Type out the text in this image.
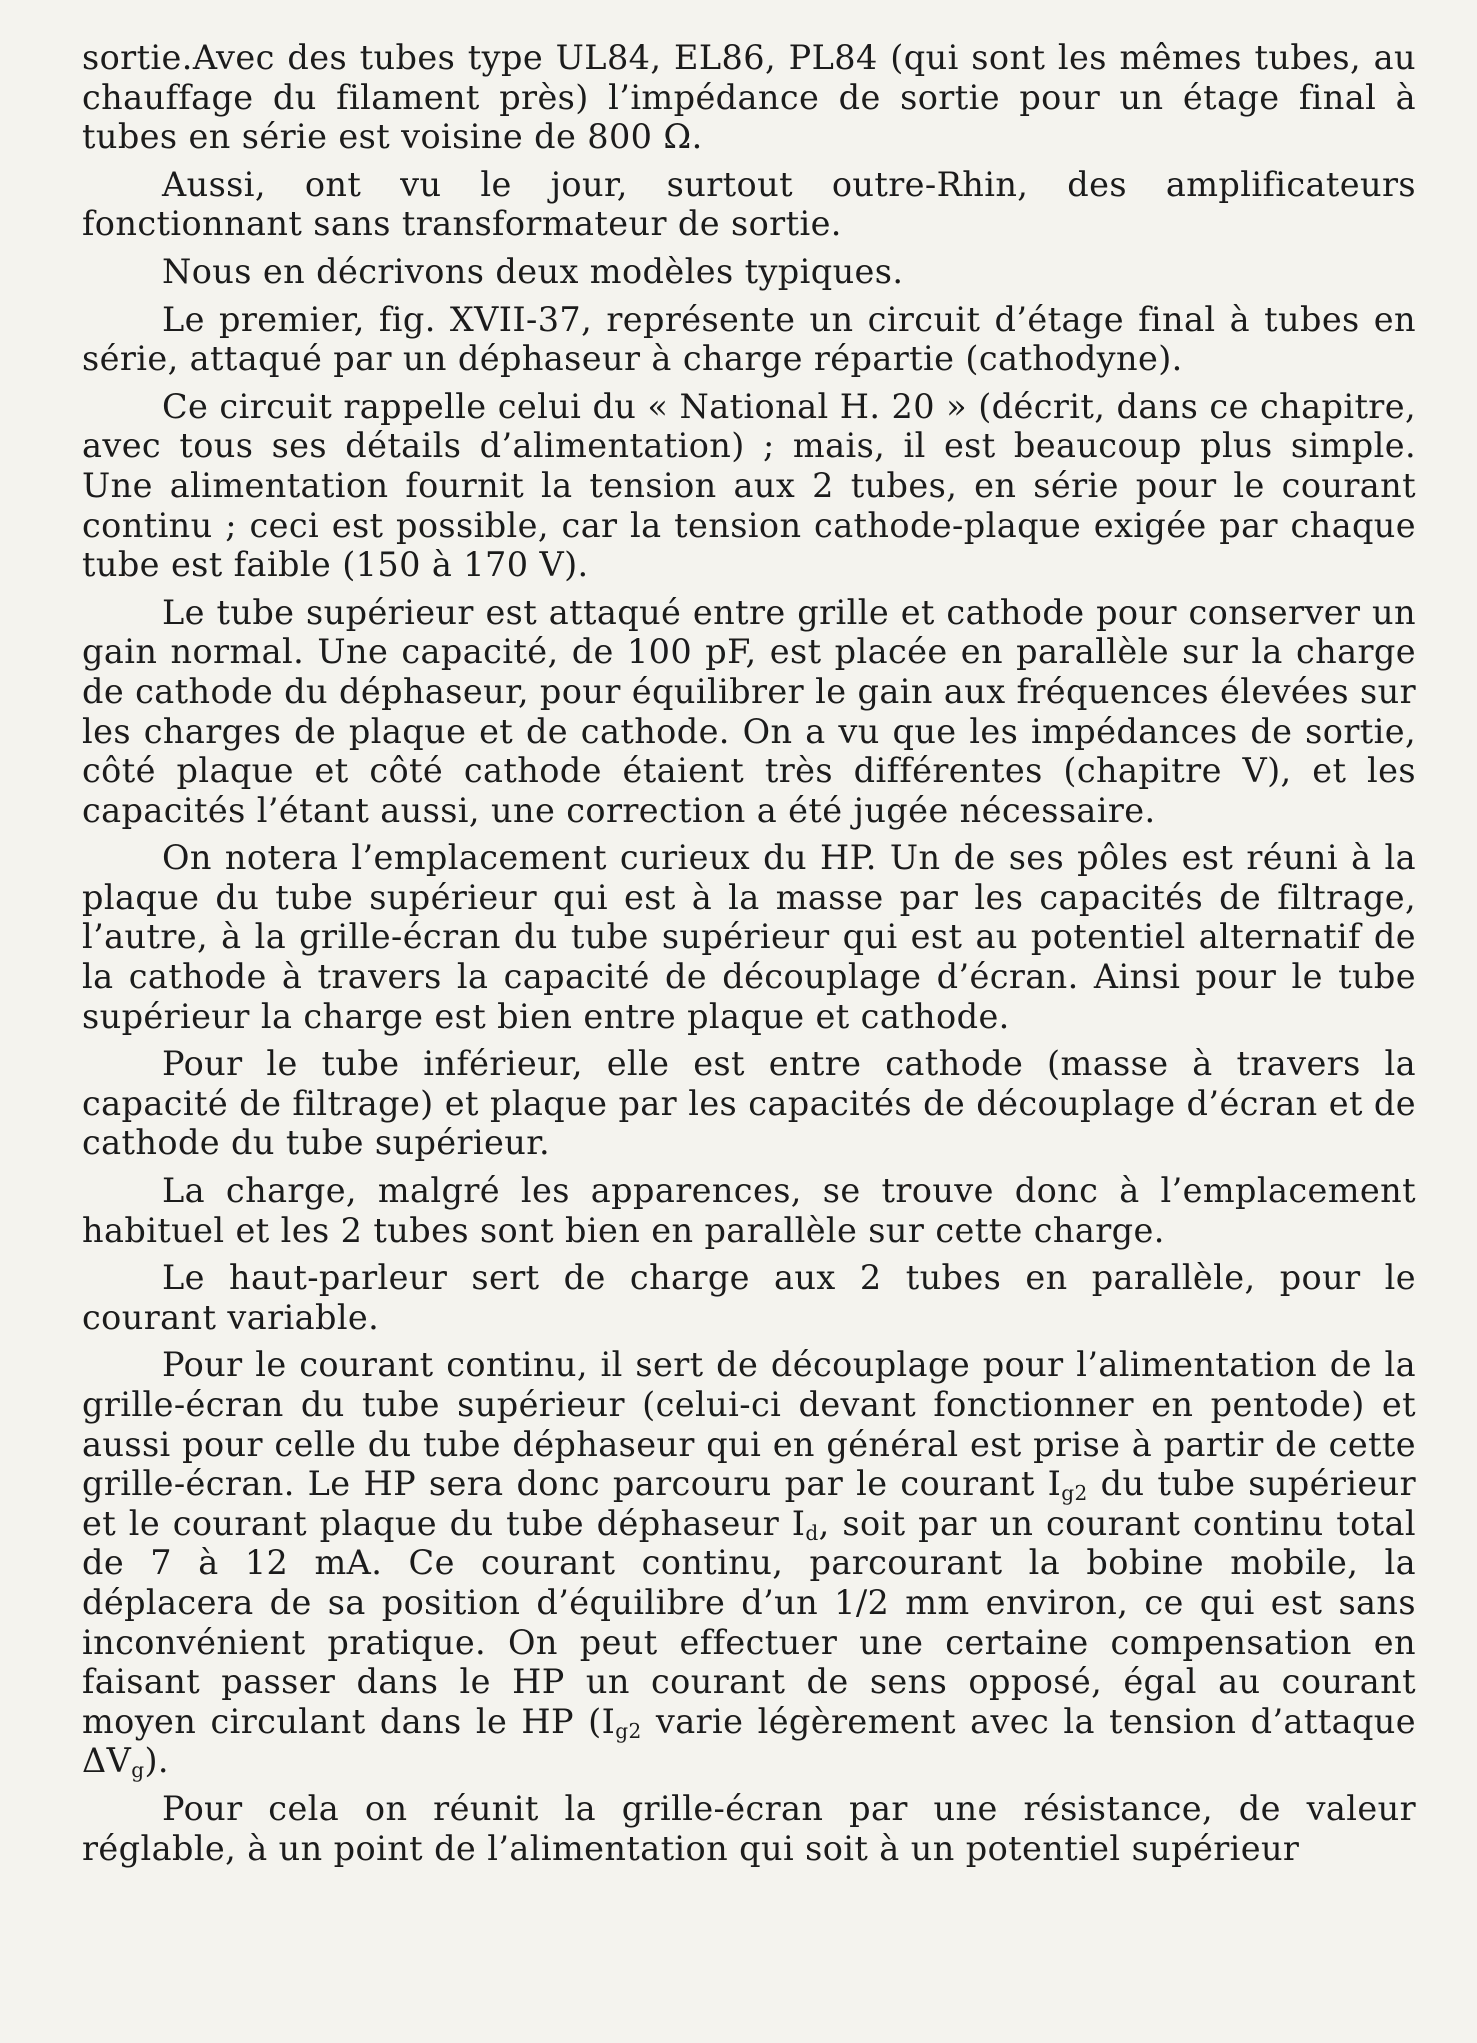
sortie.Avec des tubes type UL84, EL86, PL84 (qui sont les mêmes tubes, au chauffage du filament près) l’impédance de sortie pour un étage final à tubes en série est voisine de 800 Ω.

Aussi, ont vu le jour, surtout outre-Rhin, des amplificateurs fonctionnant sans transformateur de sortie.

Nous en décrivons deux modèles typiques.

Le premier, fig. XVII-37, représente un circuit d’étage final à tubes en série, attaqué par un déphaseur à charge répartie (cathodyne).

Ce circuit rappelle celui du « National H. 20 » (décrit, dans ce chapitre, avec tous ses détails d’alimentation) ; mais, il est beaucoup plus simple. Une alimentation fournit la tension aux 2 tubes, en série pour le courant continu ; ceci est possible, car la tension cathode-plaque exigée par chaque tube est faible (150 à 170 V).

Le tube supérieur est attaqué entre grille et cathode pour conserver un gain normal. Une capacité, de 100 pF, est placée en parallèle sur la charge de cathode du déphaseur, pour équilibrer le gain aux fréquences élevées sur les charges de plaque et de cathode. On a vu que les impédances de sortie, côté plaque et côté cathode étaient très différentes (chapitre V), et les capacités l’étant aussi, une correction a été jugée nécessaire.

On notera l’emplacement curieux du HP. Un de ses pôles est réuni à la plaque du tube supérieur qui est à la masse par les capacités de filtrage, l’autre, à la grille-écran du tube supérieur qui est au potentiel alternatif de la cathode à travers la capacité de découplage d’écran. Ainsi pour le tube supérieur la charge est bien entre plaque et cathode.

Pour le tube inférieur, elle est entre cathode (masse à travers la capacité de filtrage) et plaque par les capacités de découplage d’écran et de cathode du tube supérieur.

La charge, malgré les apparences, se trouve donc à l’emplacement habituel et les 2 tubes sont bien en parallèle sur cette charge.

Le haut-parleur sert de charge aux 2 tubes en parallèle, pour le courant variable.

Pour le courant continu, il sert de découplage pour l’alimentation de la grille-écran du tube supérieur (celui-ci devant fonctionner en pentode) et aussi pour celle du tube déphaseur qui en général est prise à partir de cette grille-écran. Le HP sera donc parcouru par le courant $I_{g2}$ du tube supérieur et le courant plaque du tube déphaseur $I_d$, soit par un courant continu total de 7 à 12 mA. Ce courant continu, parcourant la bobine mobile, la déplacera de sa position d’équilibre d’un 1/2 mm environ, ce qui est sans inconvénient pratique. On peut effectuer une certaine compensation en faisant passer dans le HP un courant de sens opposé, égal au courant moyen circulant dans le HP ($I_{g2}$ varie légèrement avec la tension d’attaque $\Delta V_g$).

Pour cela on réunit la grille-écran par une résistance, de valeur réglable, à un point de l’alimentation qui soit à un potentiel supérieur
